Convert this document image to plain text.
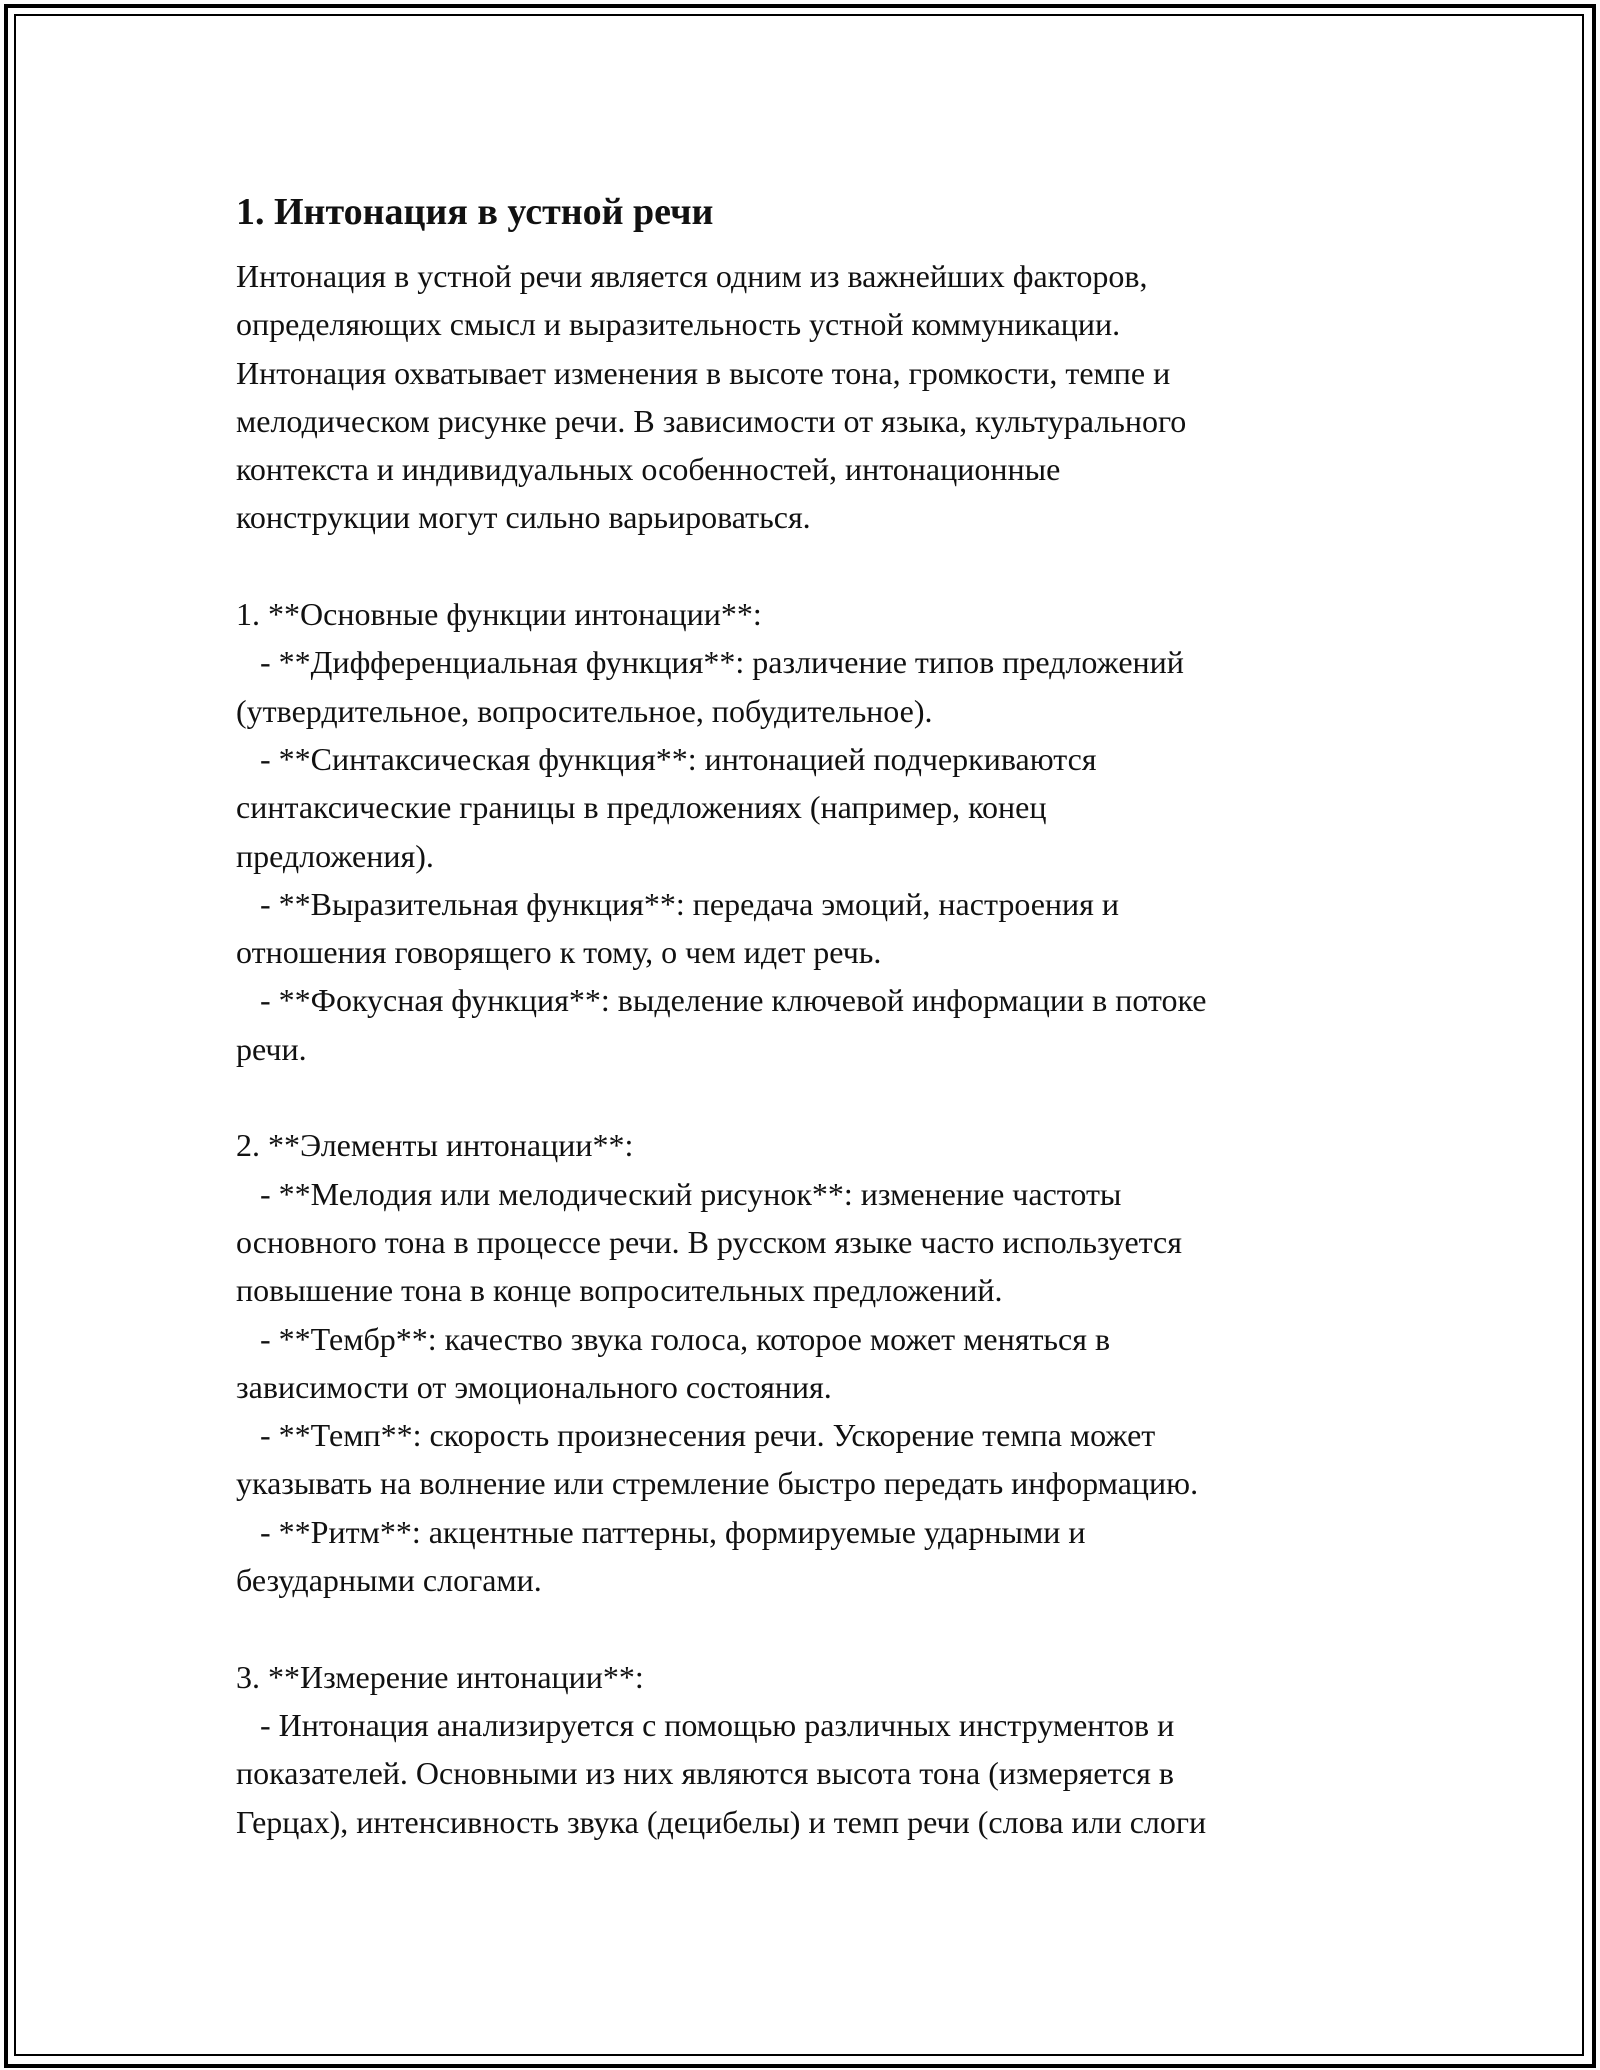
1. Интонация в устной речи

Интонация в устной речи является одним из важнейших факторов,
определяющих смысл и выразительность устной коммуникации.
Интонация охватывает изменения в высоте тона, громкости, темпе и
мелодическом рисунке речи. В зависимости от языка, культурального
контекста и индивидуальных особенностей, интонационные
конструкции могут сильно варьироваться.

1. **Основные функции интонации**:
- **Дифференциальная функция**: различение типов предложений
(утвердительное, вопросительное, побудительное).
- **Синтаксическая функция**: интонацией подчеркиваются
синтаксические границы в предложениях (например, конец
предложения).
- **Выразительная функция**: передача эмоций, настроения и
отношения говорящего к тому, о чем идет речь.
- **Фокусная функция**: выделение ключевой информации в потоке
речи.

2. **Элементы интонации**:
- **Мелодия или мелодический рисунок**: изменение частоты
основного тона в процессе речи. В русском языке часто используется
повышение тона в конце вопросительных предложений.
- **Тембр**: качество звука голоса, которое может меняться в
зависимости от эмоционального состояния.
- **Темп**: скорость произнесения речи. Ускорение темпа может
указывать на волнение или стремление быстро передать информацию.
- **Ритм**: акцентные паттерны, формируемые ударными и
безударными слогами.

3. **Измерение интонации**:
- Интонация анализируется с помощью различных инструментов и
показателей. Основными из них являются высота тона (измеряется в
Герцах), интенсивность звука (децибелы) и темп речи (слова или слоги
